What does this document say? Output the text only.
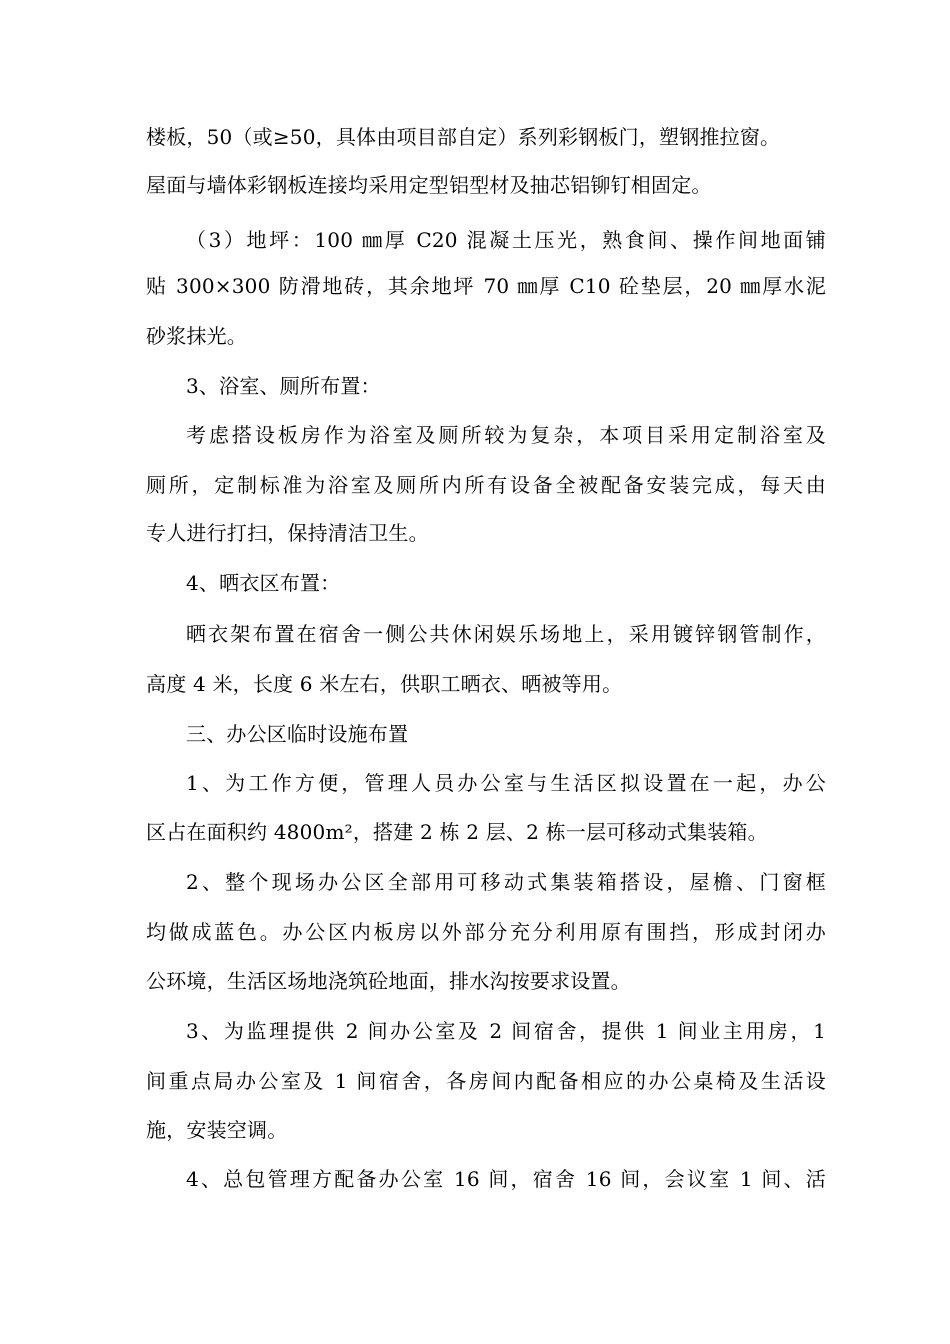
楼板，50（或≥50，具体由项目部自定）系列彩钢板门，塑钢推拉窗。
屋面与墙体彩钢板连接均采用定型铝型材及抽芯铝铆钉相固定。
（3）地坪：100 ㎜厚 C20 混凝土压光，熟食间、操作间地面铺
贴 300×300 防滑地砖，其余地坪 70 ㎜厚 C10 砼垫层，20 ㎜厚水泥
砂浆抹光。
3、浴室、厕所布置：
考虑搭设板房作为浴室及厕所较为复杂，本项目采用定制浴室及
厕所，定制标准为浴室及厕所内所有设备全被配备安装完成，每天由
专人进行打扫，保持清洁卫生。
4、晒衣区布置：
晒衣架布置在宿舍一侧公共休闲娱乐场地上，采用镀锌钢管制作，
高度 4 米，长度 6 米左右，供职工晒衣、晒被等用。
三、办公区临时设施布置
1、为工作方便，管理人员办公室与生活区拟设置在一起，办公
区占在面积约 4800m²，搭建 2 栋 2 层、2 栋一层可移动式集装箱。
2、整个现场办公区全部用可移动式集装箱搭设，屋檐、门窗框
均做成蓝色。办公区内板房以外部分充分利用原有围挡，形成封闭办
公环境，生活区场地浇筑砼地面，排水沟按要求设置。
3、为监理提供 2 间办公室及 2 间宿舍，提供 1 间业主用房，1
间重点局办公室及 1 间宿舍，各房间内配备相应的办公桌椅及生活设
施，安装空调。
4、总包管理方配备办公室 16 间，宿舍 16 间，会议室 1 间、活
